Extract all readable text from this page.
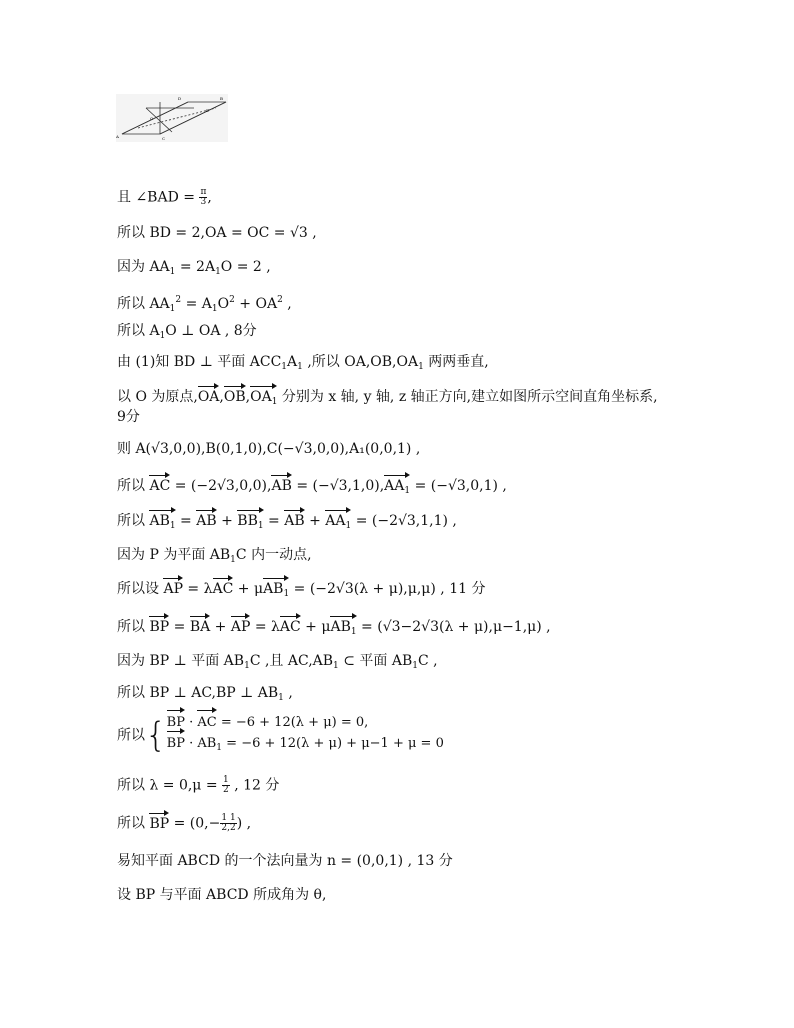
D	B
A	C
O
E
且 ∠BAD = $\frac{\pi}{3}$ ,
所以 BD = 2,OA = OC = √3 ,
因为 $AA_1 = 2A_1O = 2$ ,
所以 $AA_1^2 = A_1O^2 + OA^2$ ,
所以 $A_1O$ ⊥ OA , 8分
由 (1)知 BD ⊥ 平面 $ACC_1A_1$ ,所以 $OA,OB,OA_1$ 两两垂直,
以 O 为原点$,OA,OB,OA_1$ 分别为 x 轴, y 轴, z 轴正方向,建立如图所示空间直角坐标系,
9分
则 A(√3,0,0),B(0,1,0),C(−√3,0,0),A₁(0,0,1) ,
所以 AC = $(-2√3,0,0),AB = (-√3,1,0),AA_1 = (-√3,0,1)$ ,
所以 $AB_1$ = AB + $BB_1$ = AB + $AA_1 = (-2√3,1,1)$ ,
因为 P 为平面 $AB_1C$ 内一动点,
所以设 AP = λAC + μAB$_1$ = (−2√3(λ + μ),μ,μ) , 11 分
所以 BP = BA + AP = λAC + μAB$_1$ = (√3−2√3(λ + μ),μ−1,μ) ,
因为 BP ⊥ 平面 $AB_1C$ ,且 $AC,AB_1$ ⊂ 平面 $AB_1C$ ,
所以 BP ⊥ AC,BP ⊥ $AB_1$ ,
所以{ BP · AC = −6 + 12(λ + μ) = 0,
BP · $AB_1 = -6 + 12(\lambda + \mu) + \mu-1 + \mu = 0$
所以 $\lambda = 0,\mu = \frac{1}{2}$ , 12 分
所以 BP = ($0,- \frac{1 1}{2,2}$ ) ,
易知平面 ABCD 的一个法向量为 n = (0,0,1) , 13 分
设 BP 与平面 ABCD 所成角为 θ,
